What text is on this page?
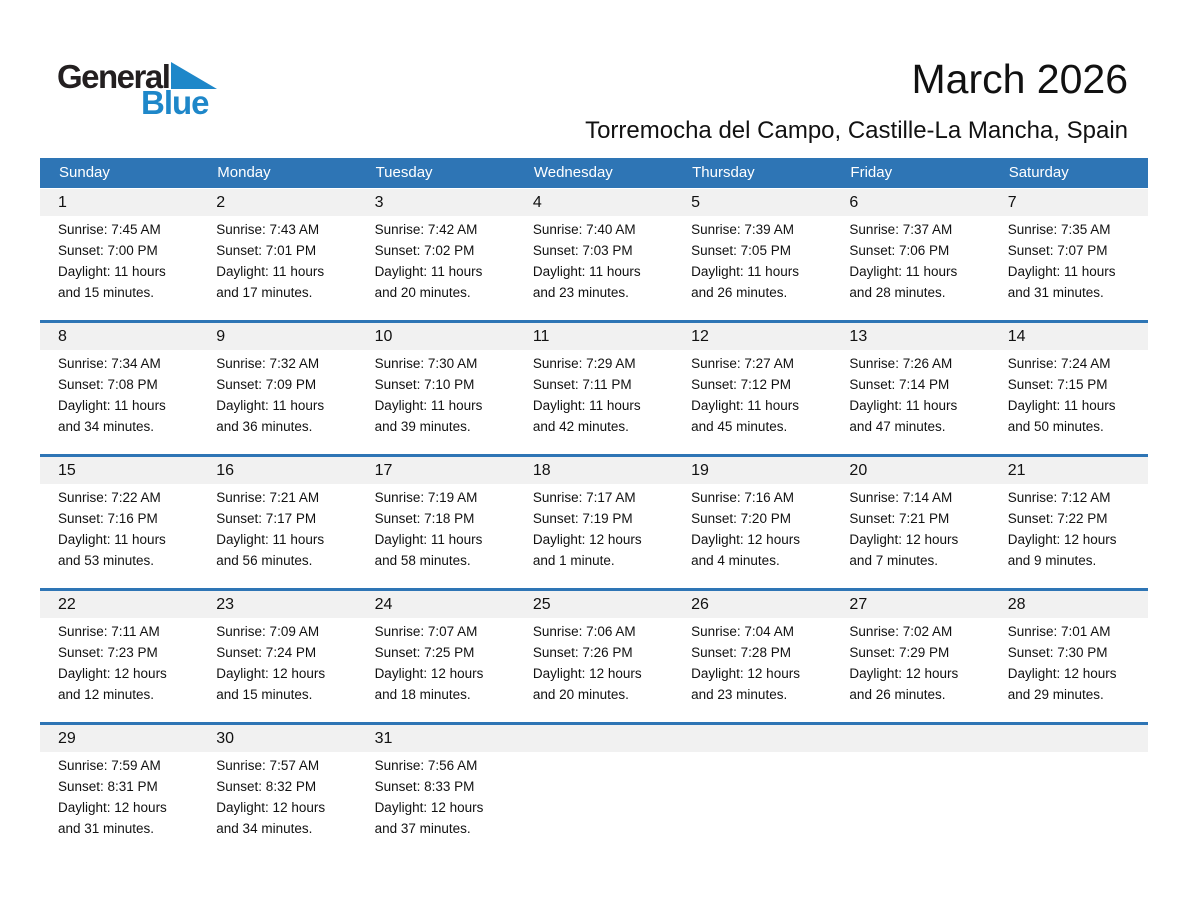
General
Blue
March 2026
Torremocha del Campo, Castille-La Mancha, Spain
Sunday	Monday	Tuesday	Wednesday	Thursday	Friday	Saturday
1	2	3	4	5	6	7
Sunrise: 7:45 AM
Sunset: 7:00 PM
Daylight: 11 hours
and 15 minutes.
Sunrise: 7:43 AM
Sunset: 7:01 PM
Daylight: 11 hours
and 17 minutes.
Sunrise: 7:42 AM
Sunset: 7:02 PM
Daylight: 11 hours
and 20 minutes.
Sunrise: 7:40 AM
Sunset: 7:03 PM
Daylight: 11 hours
and 23 minutes.
Sunrise: 7:39 AM
Sunset: 7:05 PM
Daylight: 11 hours
and 26 minutes.
Sunrise: 7:37 AM
Sunset: 7:06 PM
Daylight: 11 hours
and 28 minutes.
Sunrise: 7:35 AM
Sunset: 7:07 PM
Daylight: 11 hours
and 31 minutes.
8	9	10	11	12	13	14
Sunrise: 7:34 AM
Sunset: 7:08 PM
Daylight: 11 hours
and 34 minutes.
Sunrise: 7:32 AM
Sunset: 7:09 PM
Daylight: 11 hours
and 36 minutes.
Sunrise: 7:30 AM
Sunset: 7:10 PM
Daylight: 11 hours
and 39 minutes.
Sunrise: 7:29 AM
Sunset: 7:11 PM
Daylight: 11 hours
and 42 minutes.
Sunrise: 7:27 AM
Sunset: 7:12 PM
Daylight: 11 hours
and 45 minutes.
Sunrise: 7:26 AM
Sunset: 7:14 PM
Daylight: 11 hours
and 47 minutes.
Sunrise: 7:24 AM
Sunset: 7:15 PM
Daylight: 11 hours
and 50 minutes.
15	16	17	18	19	20	21
Sunrise: 7:22 AM
Sunset: 7:16 PM
Daylight: 11 hours
and 53 minutes.
Sunrise: 7:21 AM
Sunset: 7:17 PM
Daylight: 11 hours
and 56 minutes.
Sunrise: 7:19 AM
Sunset: 7:18 PM
Daylight: 11 hours
and 58 minutes.
Sunrise: 7:17 AM
Sunset: 7:19 PM
Daylight: 12 hours
and 1 minute.
Sunrise: 7:16 AM
Sunset: 7:20 PM
Daylight: 12 hours
and 4 minutes.
Sunrise: 7:14 AM
Sunset: 7:21 PM
Daylight: 12 hours
and 7 minutes.
Sunrise: 7:12 AM
Sunset: 7:22 PM
Daylight: 12 hours
and 9 minutes.
22	23	24	25	26	27	28
Sunrise: 7:11 AM
Sunset: 7:23 PM
Daylight: 12 hours
and 12 minutes.
Sunrise: 7:09 AM
Sunset: 7:24 PM
Daylight: 12 hours
and 15 minutes.
Sunrise: 7:07 AM
Sunset: 7:25 PM
Daylight: 12 hours
and 18 minutes.
Sunrise: 7:06 AM
Sunset: 7:26 PM
Daylight: 12 hours
and 20 minutes.
Sunrise: 7:04 AM
Sunset: 7:28 PM
Daylight: 12 hours
and 23 minutes.
Sunrise: 7:02 AM
Sunset: 7:29 PM
Daylight: 12 hours
and 26 minutes.
Sunrise: 7:01 AM
Sunset: 7:30 PM
Daylight: 12 hours
and 29 minutes.
29	30	31
Sunrise: 7:59 AM
Sunset: 8:31 PM
Daylight: 12 hours
and 31 minutes.
Sunrise: 7:57 AM
Sunset: 8:32 PM
Daylight: 12 hours
and 34 minutes.
Sunrise: 7:56 AM
Sunset: 8:33 PM
Daylight: 12 hours
and 37 minutes.
